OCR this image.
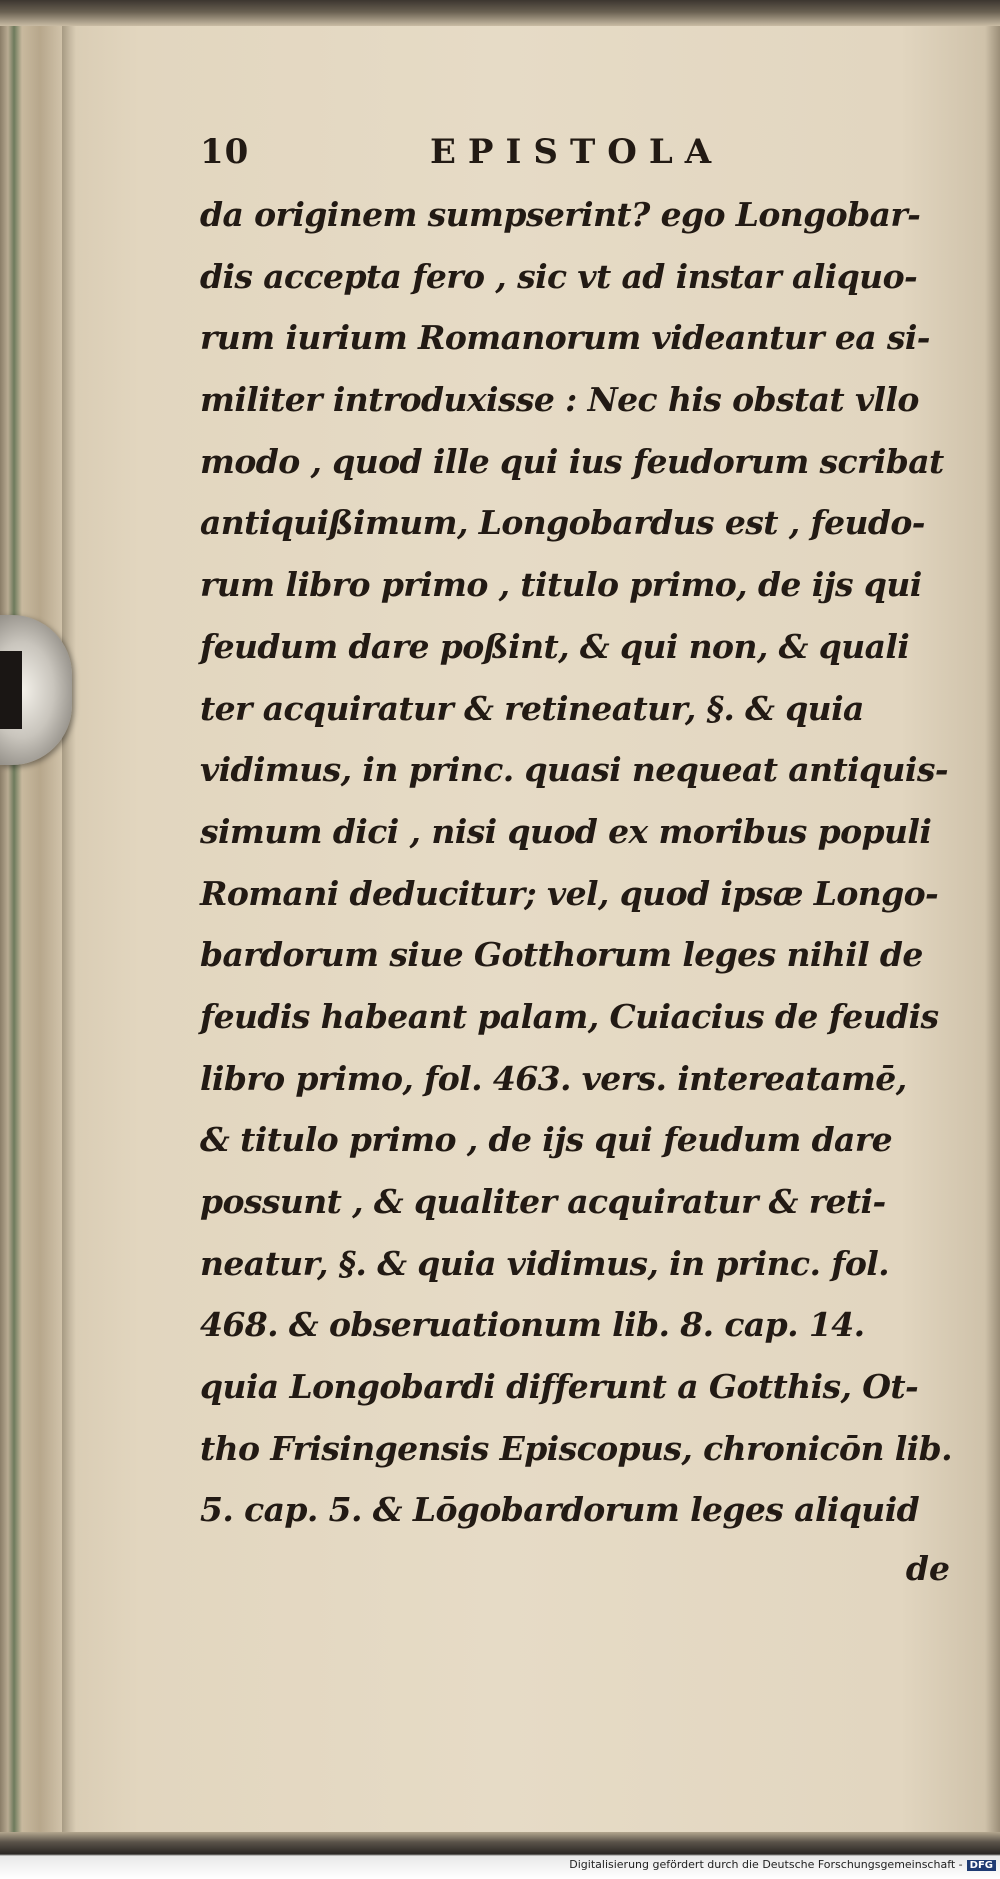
10	EPISTOLA
da originem sumpserint? ego Longobar-
dis accepta fero , sic vt ad instar aliquo-
rum iurium Romanorum videantur ea si-
militer introduxisse : Nec his obstat vllo
modo , quod ille qui ius feudorum scribat
antiquißimum, Longobardus est , feudo-
rum libro primo , titulo primo, de ijs qui
feudum dare poßint, & qui non, & quali
ter acquiratur & retineatur, §. & quia
vidimus, in princ. quasi nequeat antiquis-
simum dici , nisi quod ex moribus populi
Romani deducitur; vel, quod ipsæ Longo-
bardorum siue Gotthorum leges nihil de
feudis habeant palam, Cuiacius de feudis
libro primo, fol. 463. vers. intereatamē,
& titulo primo , de ijs qui feudum dare
possunt , & qualiter acquiratur & reti-
neatur, §. & quia vidimus, in princ. fol.
468. & obseruationum lib. 8. cap. 14.
quia Longobardi differunt a Gotthis, Ot-
tho Frisingensis Episcopus, chronicōn lib.
5. cap. 5. & Lōgobardorum leges aliquid
de
Digitalisierung gefördert durch die Deutsche Forschungsgemeinschaft - DFG
